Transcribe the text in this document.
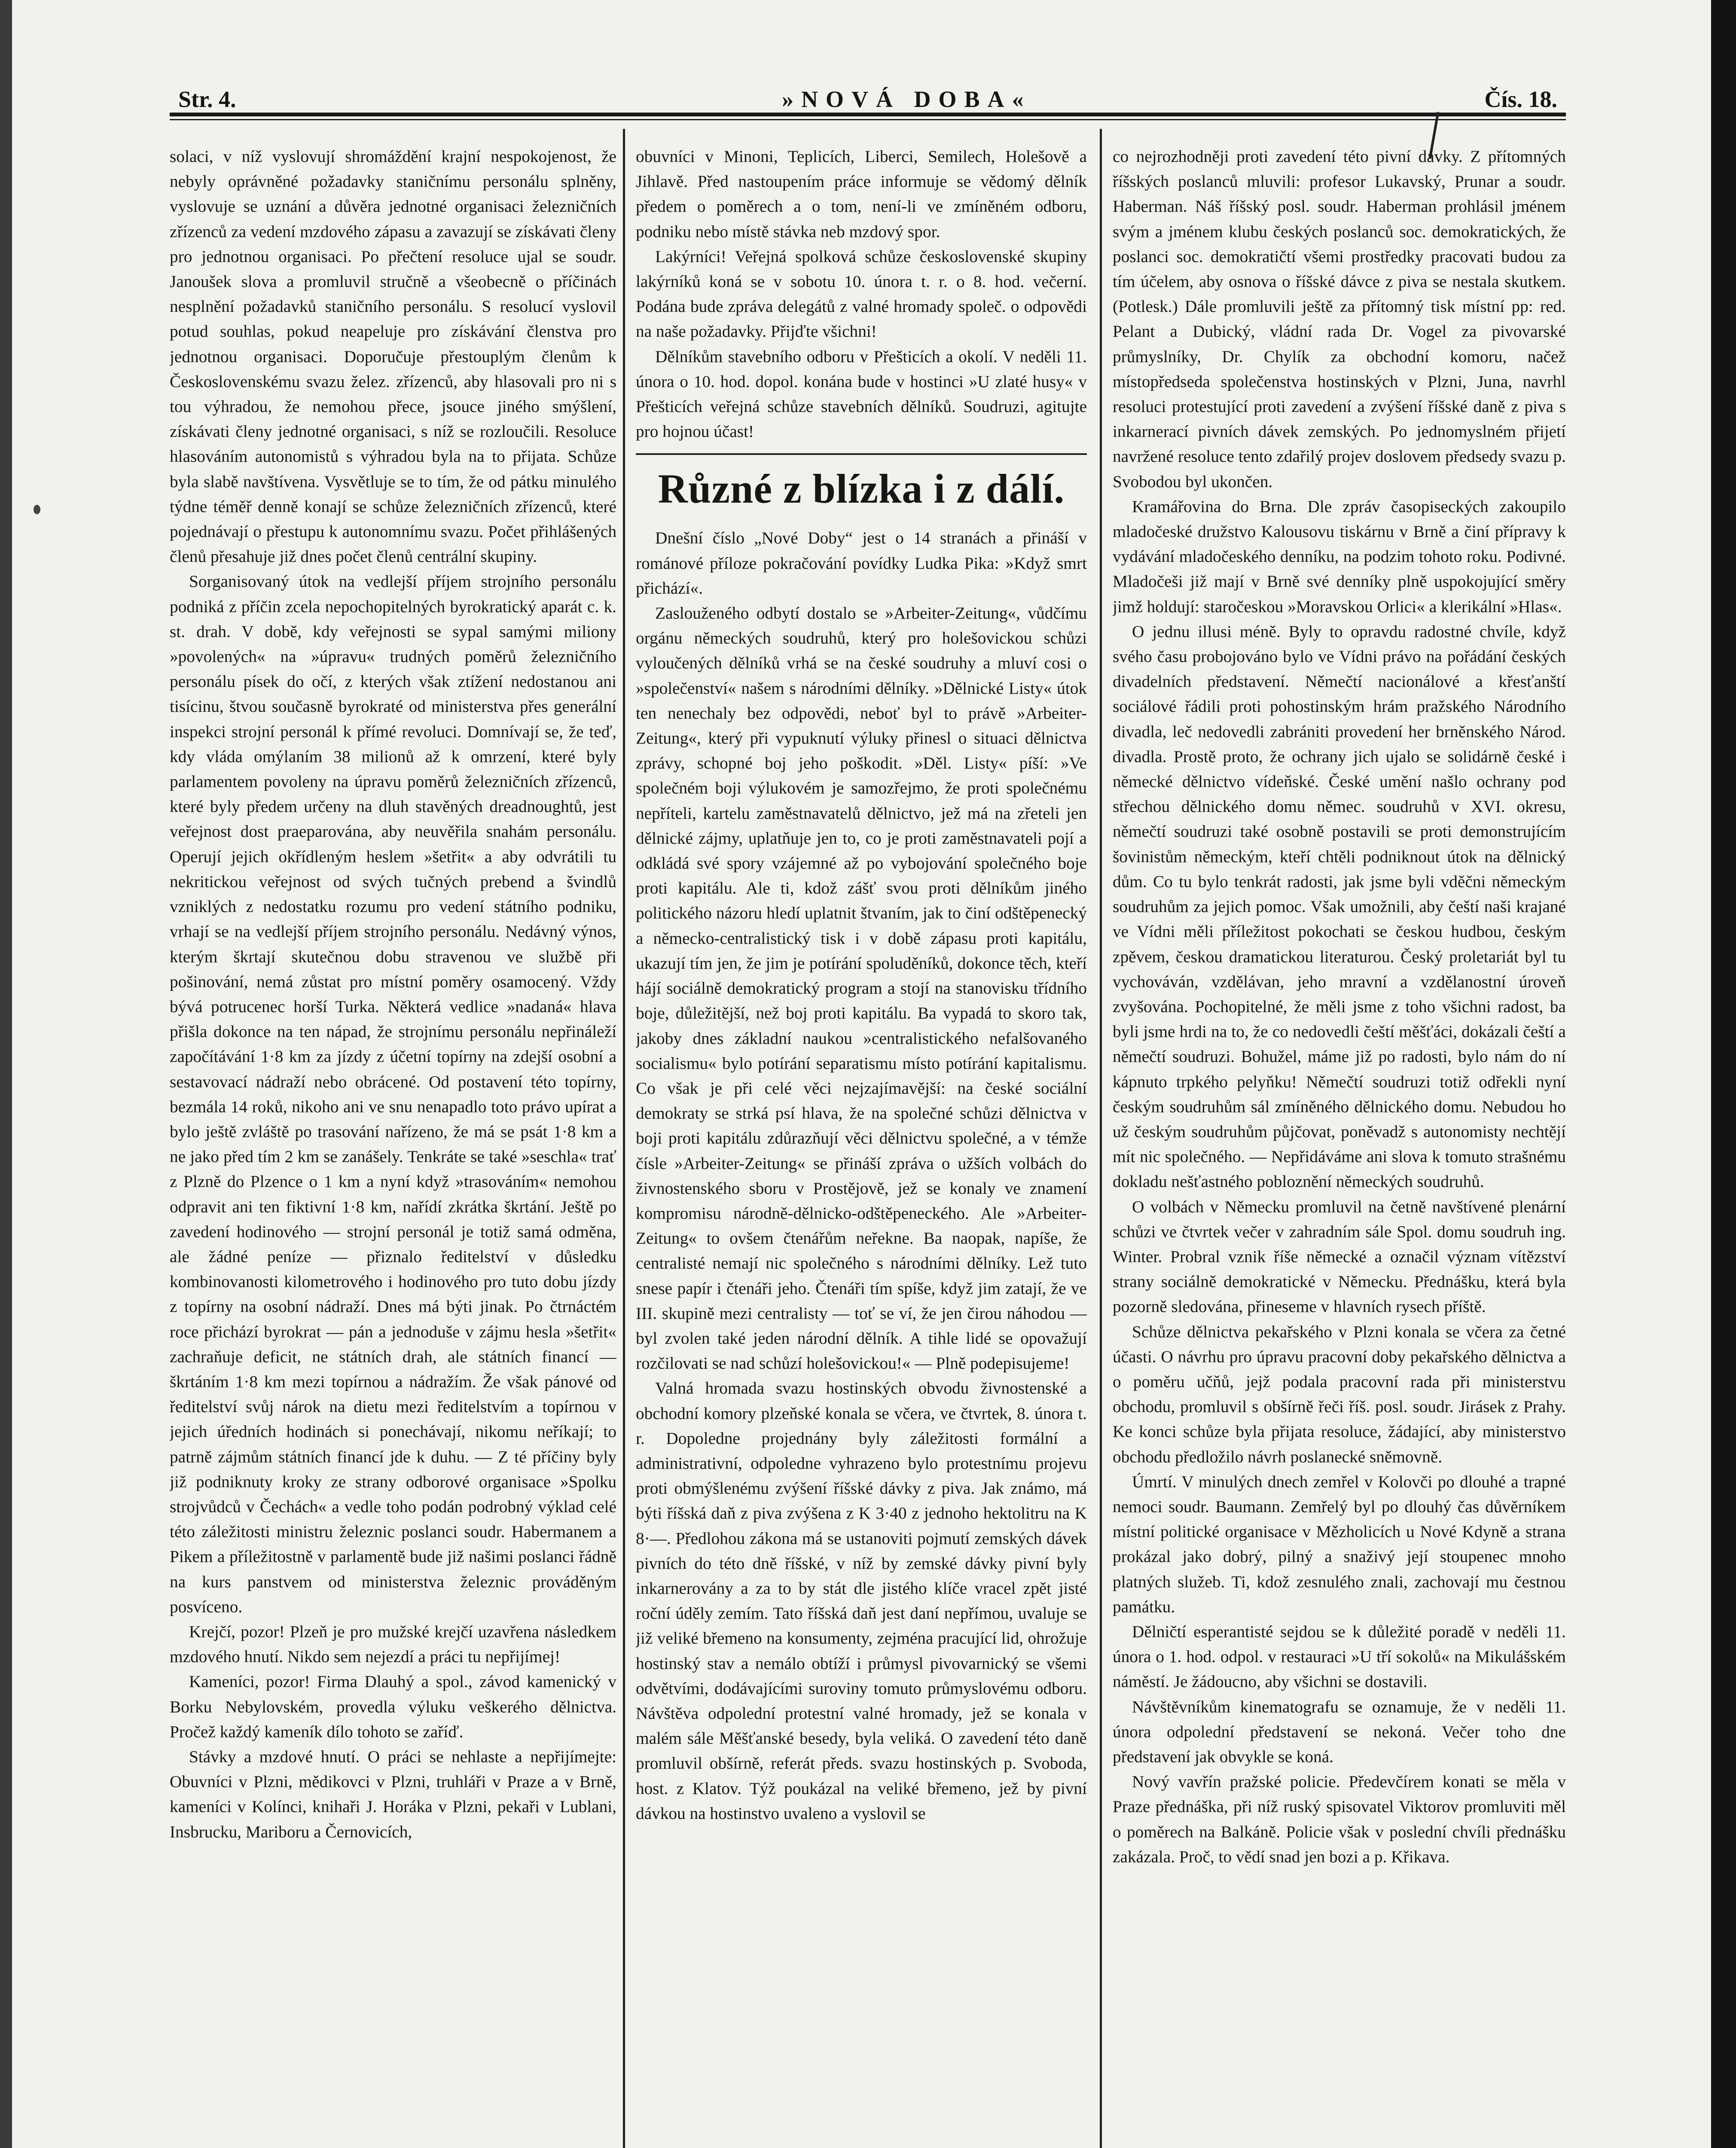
Str. 4.	»NOVÁ DOBA«	Čís. 18.

solaci, v níž vyslovují shromáždění krajní nespokojenost, že nebyly oprávněné požadavky staničnímu personálu splněny, vyslovuje se uznání a důvěra jednotné organisaci železničních zřízenců za vedení mzdového zápasu a zavazují se získávati členy pro jednotnou organisaci. Po přečtení resoluce ujal se soudr. Janoušek slova a promluvil stručně a všeobecně o příčinách nesplnění požadavků staničního personálu. S resolucí vyslovil potud souhlas, pokud neapeluje pro získávání členstva pro jednotnou organisaci. Doporučuje přestouplým členům k Československému svazu želez. zřízenců, aby hlasovali pro ni s tou výhradou, že nemohou přece, jsouce jiného smýšlení, získávati členy jednotné organisaci, s níž se rozloučili. Resoluce hlasováním autonomistů s výhradou byla na to přijata. Schůze byla slabě navštívena. Vysvětluje se to tím, že od pátku minulého týdne téměř denně konají se schůze železničních zřízenců, které pojednávají o přestupu k autonomnímu svazu. Počet přihlášených členů přesahuje již dnes počet členů centrální skupiny.

Sorganisovaný útok na vedlejší příjem strojního personálu podniká z příčin zcela nepochopitelných byrokratický aparát c. k. st. drah. V době, kdy veřejnosti se sypal samými miliony »povolených« na »úpravu« trudných poměrů železničního personálu písek do očí, z kterých však ztížení nedostanou ani tisícinu, štvou současně byrokraté od ministerstva přes generální inspekci strojní personál k přímé revoluci. Domnívají se, že teď, kdy vláda omýlaním 38 milionů až k omrzení, které byly parlamentem povoleny na úpravu poměrů železničních zřízenců, které byly předem určeny na dluh stavěných dreadnoughtů, jest veřejnost dost praeparována, aby neuvěřila snahám personálu. Operují jejich okřídleným heslem »šetřit« a aby odvrátili tu nekritickou veřejnost od svých tučných prebend a švindlů vzniklých z nedostatku rozumu pro vedení státního podniku, vrhají se na vedlejší příjem strojního personálu. Nedávný výnos, kterým škrtají skutečnou dobu stravenou ve službě při pošinování, nemá zůstat pro místní poměry osamocený. Vždy bývá potrucenec horší Turka. Některá vedlice »nadaná« hlava přišla dokonce na ten nápad, že strojnímu personálu nepřináleží započítávání 1·8 km za jízdy z účetní topírny na zdejší osobní a sestavovací nádraží nebo obrácené. Od postavení této topírny, bezmála 14 roků, nikoho ani ve snu nenapadlo toto právo upírat a bylo ještě zvláště po trasování nařízeno, že má se psát 1·8 km a ne jako před tím 2 km se zanášely. Tenkráte se také »seschla« trať z Plzně do Plzence o 1 km a nyní když »trasováním« nemohou odpravit ani ten fiktivní 1·8 km, nařídí zkrátka škrtání. Ještě po zavedení hodinového — strojní personál je totiž samá odměna, ale žádné peníze — přiznalo ředitelství v důsledku kombinovanosti kilometrového i hodinového pro tuto dobu jízdy z topírny na osobní nádraží. Dnes má býti jinak. Po čtrnáctém roce přichází byrokrat — pán a jednoduše v zájmu hesla »šetřit« zachraňuje deficit, ne státních drah, ale státních financí — škrtáním 1·8 km mezi topírnou a nádražím. Že však pánové od ředitelství svůj nárok na dietu mezi ředitelstvím a topírnou v jejich úředních hodinách si ponechávají, nikomu neříkají; to patrně zájmům státních financí jde k duhu. — Z té příčiny byly již podniknuty kroky ze strany odborové organisace »Spolku strojvůdců v Čechách« a vedle toho podán podrobný výklad celé této záležitosti ministru železnic poslanci soudr. Habermanem a Pikem a příležitostně v parlamentě bude již našimi poslanci řádně na kurs panstvem od ministerstva železnic prováděným posvíceno.

Krejčí, pozor! Plzeň je pro mužské krejčí uzavřena následkem mzdového hnutí. Nikdo sem nejezdí a práci tu nepřijímej!

Kameníci, pozor! Firma Dlauhý a spol., závod kamenický v Borku Nebylovském, provedla výluku veškerého dělnictva. Pročež každý kameník dílo tohoto se zaříď.

Stávky a mzdové hnutí. O práci se nehlaste a nepřijímejte: Obuvníci v Plzni, mědikovci v Plzni, truhláři v Praze a v Brně, kameníci v Kolínci, knihaři J. Horáka v Plzni, pekaři v Lublani, Insbrucku, Mariboru a Černovicích,

obuvníci v Minoni, Teplicích, Liberci, Semilech, Holešově a Jihlavě. Před nastoupením práce informuje se vědomý dělník předem o poměrech a o tom, není-li ve zmíněném odboru, podniku nebo místě stávka neb mzdový spor.

Lakýrníci! Veřejná spolková schůze československé skupiny lakýrníků koná se v sobotu 10. února t. r. o 8. hod. večerní. Podána bude zpráva delegátů z valné hromady společ. o odpovědi na naše požadavky. Přijďte všichni!

Dělníkům stavebního odboru v Přešticích a okolí. V neděli 11. února o 10. hod. dopol. konána bude v hostinci »U zlaté husy« v Přešticích veřejná schůze stavebních dělníků. Soudruzi, agitujte pro hojnou účast!

Různé z blízka i z dálí.

Dnešní číslo „Nové Doby“ jest o 14 stranách a přináší v románové příloze pokračování povídky Ludka Pika: »Když smrt přichází«.

Zaslouženého odbytí dostalo se »Arbeiter-Zeitung«, vůdčímu orgánu německých soudruhů, který pro holešovickou schůzi vyloučených dělníků vrhá se na české soudruhy a mluví cosi o »společenství« našem s národními dělníky. »Dělnické Listy« útok ten nenechaly bez odpovědi, neboť byl to právě »Arbeiter-Zeitung«, který při vypuknutí výluky přinesl o situaci dělnictva zprávy, schopné boj jeho poškodit. »Děl. Listy« píší: »Ve společném boji výlukovém je samozřejmo, že proti společnému nepříteli, kartelu zaměstnavatelů dělnictvo, jež má na zřeteli jen dělnické zájmy, uplatňuje jen to, co je proti zaměstnavateli pojí a odkládá své spory vzájemné až po vybojování společného boje proti kapitálu. Ale ti, kdož zášť svou proti dělníkům jiného politického názoru hledí uplatnit štvaním, jak to činí odštěpenecký a německo-centralistický tisk i v době zápasu proti kapitálu, ukazují tím jen, že jim je potírání spoluděníků, dokonce těch, kteří hájí sociálně demokratický program a stojí na stanovisku třídního boje, důležitější, než boj proti kapitálu. Ba vypadá to skoro tak, jakoby dnes základní naukou »centralistického nefalšovaného socialismu« bylo potírání separatismu místo potírání kapitalismu. Co však je při celé věci nejzajímavější: na české sociální demokraty se strká psí hlava, že na společné schůzi dělnictva v boji proti kapitálu zdůrazňují věci dělnictvu společné, a v témže čísle »Arbeiter-Zeitung« se přináší zpráva o užších volbách do živnostenského sboru v Prostějově, jež se konaly ve znamení kompromisu národně-dělnicko-odštěpeneckého. Ale »Arbeiter-Zeitung« to ovšem čtenářům neřekne. Ba naopak, napíše, že centralisté nemají nic společného s národními dělníky. Lež tuto snese papír i čtenáři jeho. Čtenáři tím spíše, když jim zatají, že ve III. skupině mezi centralisty — toť se ví, že jen čirou náhodou — byl zvolen také jeden národní dělník. A tihle lidé se opovažují rozčilovati se nad schůzí holešovickou!« — Plně podepisujeme!

Valná hromada svazu hostinských obvodu živnostenské a obchodní komory plzeňské konala se včera, ve čtvrtek, 8. února t. r. Dopoledne projednány byly záležitosti formální a administrativní, odpoledne vyhrazeno bylo protestnímu projevu proti obmýšlenému zvýšení říšské dávky z piva. Jak známo, má býti říšská daň z piva zvýšena z K 3·40 z jednoho hektolitru na K 8·—. Předlohou zákona má se ustanoviti pojmutí zemských dávek pivních do této dně říšské, v níž by zemské dávky pivní byly inkarnerovány a za to by stát dle jistého klíče vracel zpět jisté roční úděly zemím. Tato říšská daň jest daní nepřímou, uvaluje se již veliké břemeno na konsumenty, zejména pracující lid, ohrožuje hostinský stav a nemálo obtíží i průmysl pivovarnický se všemi odvětvími, dodávajícími suroviny tomuto průmyslovému odboru. Návštěva odpolední protestní valné hromady, jež se konala v malém sále Měšťanské besedy, byla veliká. O zavedení této daně promluvil obšírně, referát předs. svazu hostinských p. Svoboda, host. z Klatov. Týž poukázal na veliké břemeno, jež by pivní dávkou na hostinstvo uvaleno a vyslovil se

co nejrozhodněji proti zavedení této pivní dávky. Z přítomných říšských poslanců mluvili: profesor Lukavský, Prunar a soudr. Haberman. Náš říšský posl. soudr. Haberman prohlásil jménem svým a jménem klubu českých poslanců soc. demokratických, že poslanci soc. demokratičtí všemi prostředky pracovati budou za tím účelem, aby osnova o říšské dávce z piva se nestala skutkem. (Potlesk.) Dále promluvili ještě za přítomný tisk místní pp: red. Pelant a Dubický, vládní rada Dr. Vogel za pivovarské průmyslníky, Dr. Chylík za obchodní komoru, načež místopředseda společenstva hostinských v Plzni, Juna, navrhl resoluci protestující proti zavedení a zvýšení říšské daně z piva s inkarnerací pivních dávek zemských. Po jednomyslném přijetí navržené resoluce tento zdařilý projev doslovem předsedy svazu p. Svobodou byl ukončen.

Kramářovina do Brna. Dle zpráv časopiseckých zakoupilo mladočeské družstvo Kalousovu tiskárnu v Brně a činí přípravy k vydávání mladočeského denníku, na podzim tohoto roku. Podivné. Mladočeši již mají v Brně své denníky plně uspokojující směry jimž holdují: staročeskou »Moravskou Orlici« a klerikální »Hlas«.

O jednu illusi méně. Byly to opravdu radostné chvíle, když svého času probojováno bylo ve Vídni právo na pořádání českých divadelních představení. Němečtí nacionálové a křesťanští sociálové řádili proti pohostinským hrám pražského Národního divadla, leč nedovedli zabrániti provedení her brněnského Národ. divadla. Prostě proto, že ochrany jich ujalo se solidárně české i německé dělnictvo vídeňské. České umění našlo ochrany pod střechou dělnického domu němec. soudruhů v XVI. okresu, němečtí soudruzi také osobně postavili se proti demonstrujícím šovinistům německým, kteří chtěli podniknout útok na dělnický dům. Co tu bylo tenkrát radosti, jak jsme byli vděčni německým soudruhům za jejich pomoc. Však umožnili, aby čeští naši krajané ve Vídni měli příležitost pokochati se českou hudbou, českým zpěvem, českou dramatickou literaturou. Český proletariát byl tu vychováván, vzdělávan, jeho mravní a vzdělanostní úroveň zvyšována. Pochopitelné, že měli jsme z toho všichni radost, ba byli jsme hrdi na to, že co nedovedli čeští měšťáci, dokázali čeští a němečtí soudruzi. Bohužel, máme již po radosti, bylo nám do ní kápnuto trpkého pelyňku! Němečtí soudruzi totiž odřekli nyní českým soudruhům sál zmíněného dělnického domu. Nebudou ho už českým soudruhům půjčovat, poněvadž s autonomisty nechtějí mít nic společného. — Nepřidáváme ani slova k tomuto strašnému dokladu nešťastného pobloznění německých soudruhů.

O volbách v Německu promluvil na četně navštívené plenární schůzi ve čtvrtek večer v zahradním sále Spol. domu soudruh ing. Winter. Probral vznik říše německé a označil význam vítězství strany sociálně demokratické v Německu. Přednášku, která byla pozorně sledována, přineseme v hlavních rysech příště.

Schůze dělnictva pekařského v Plzni konala se včera za četné účasti. O návrhu pro úpravu pracovní doby pekařského dělnictva a o poměru učňů, jejž podala pracovní rada při ministerstvu obchodu, promluvil s obšírně řeči říš. posl. soudr. Jirásek z Prahy. Ke konci schůze byla přijata resoluce, žádající, aby ministerstvo obchodu předložilo návrh poslanecké sněmovně.

Úmrtí. V minulých dnech zemřel v Kolovči po dlouhé a trapné nemoci soudr. Baumann. Zemřelý byl po dlouhý čas důvěrníkem místní politické organisace v Mězholicích u Nové Kdyně a strana prokázal jako dobrý, pilný a snaživý její stoupenec mnoho platných služeb. Ti, kdož zesnulého znali, zachovají mu čestnou památku.

Dělničtí esperantisté sejdou se k důležité poradě v neděli 11. února o 1. hod. odpol. v restauraci »U tří sokolů« na Mikulášském náměstí. Je žádoucno, aby všichni se dostavili.

Návštěvníkům kinematografu se oznamuje, že v neděli 11. února odpolední představení se nekoná. Večer toho dne představení jak obvykle se koná.

Nový vavřín pražské policie. Předevčírem konati se měla v Praze přednáška, při níž ruský spisovatel Viktorov promluviti měl o poměrech na Balkáně. Policie však v poslední chvíli přednášku zakázala. Proč, to vědí snad jen bozi a p. Křikava.
